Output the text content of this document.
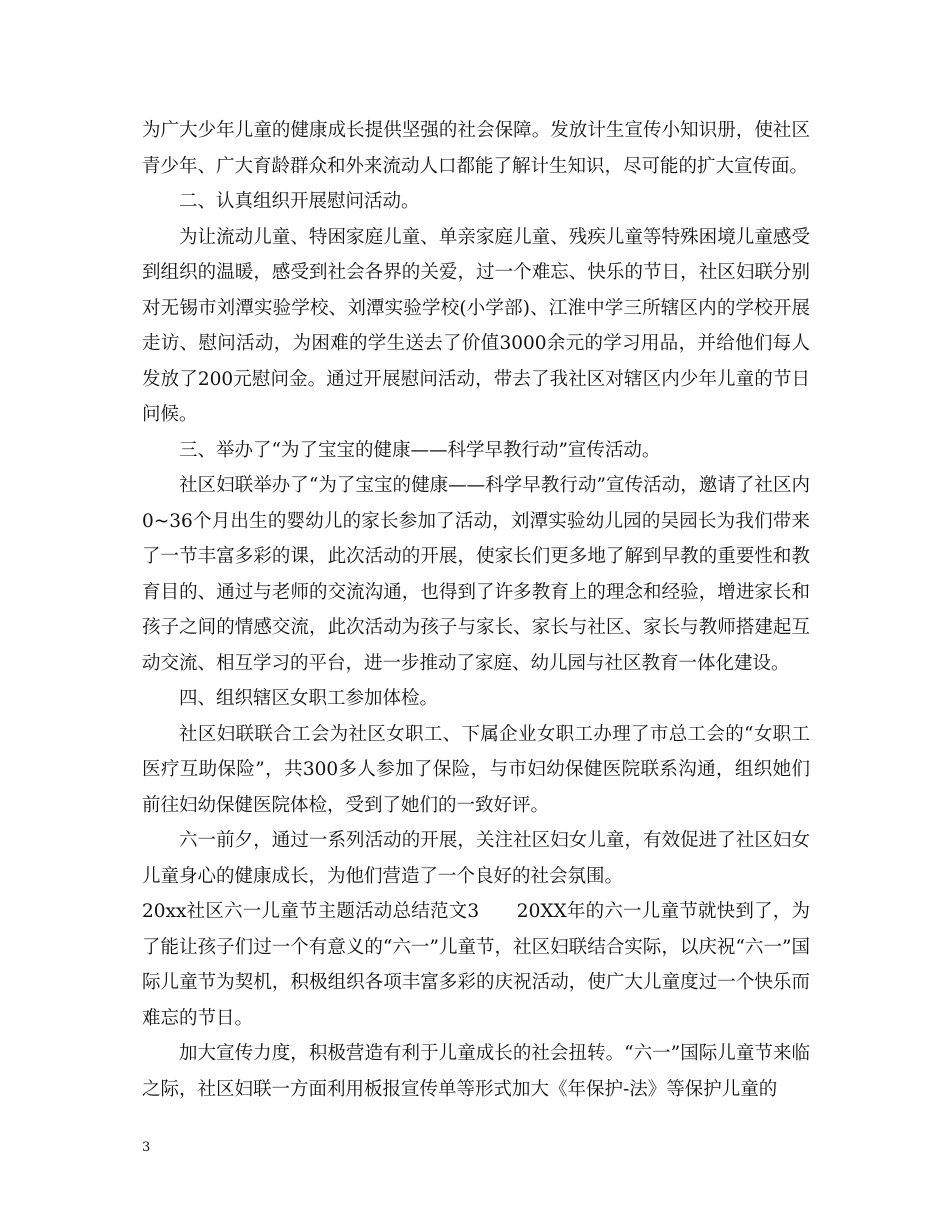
为广大少年儿童的健康成长提供坚强的社会保障。发放计生宣传小知识册，使社区青少年、广大育龄群众和外来流动人口都能了解计生知识，尽可能的扩大宣传面。

二、认真组织开展慰问活动。

为让流动儿童、特困家庭儿童、单亲家庭儿童、残疾儿童等特殊困境儿童感受到组织的温暖，感受到社会各界的关爱，过一个难忘、快乐的节日，社区妇联分别对无锡市刘潭实验学校、刘潭实验学校(小学部)、江淮中学三所辖区内的学校开展走访、慰问活动，为困难的学生送去了价值3000余元的学习用品，并给他们每人发放了200元慰问金。通过开展慰问活动，带去了我社区对辖区内少年儿童的节日问候。

三、举办了“为了宝宝的健康——科学早教行动”宣传活动。

社区妇联举办了“为了宝宝的健康——科学早教行动”宣传活动，邀请了社区内0~36个月出生的婴幼儿的家长参加了活动，刘潭实验幼儿园的吴园长为我们带来了一节丰富多彩的课，此次活动的开展，使家长们更多地了解到早教的重要性和教育目的、通过与老师的交流沟通，也得到了许多教育上的理念和经验，增进家长和孩子之间的情感交流，此次活动为孩子与家长、家长与社区、家长与教师搭建起互动交流、相互学习的平台，进一步推动了家庭、幼儿园与社区教育一体化建设。

四、组织辖区女职工参加体检。

社区妇联联合工会为社区女职工、下属企业女职工办理了市总工会的“女职工医疗互助保险”，共300多人参加了保险，与市妇幼保健医院联系沟通，组织她们前往妇幼保健医院体检，受到了她们的一致好评。

六一前夕，通过一系列活动的开展，关注社区妇女儿童，有效促进了社区妇女儿童身心的健康成长，为他们营造了一个良好的社会氛围。

20xx社区六一儿童节主题活动总结范文3　　20XX年的六一儿童节就快到了，为了能让孩子们过一个有意义的“六一”儿童节，社区妇联结合实际，以庆祝“六一”国际儿童节为契机，积极组织各项丰富多彩的庆祝活动，使广大儿童度过一个快乐而难忘的节日。

加大宣传力度，积极营造有利于儿童成长的社会扭转。“六一”国际儿童节来临之际，社区妇联一方面利用板报宣传单等形式加大《年保护-法》等保护儿童的

3
